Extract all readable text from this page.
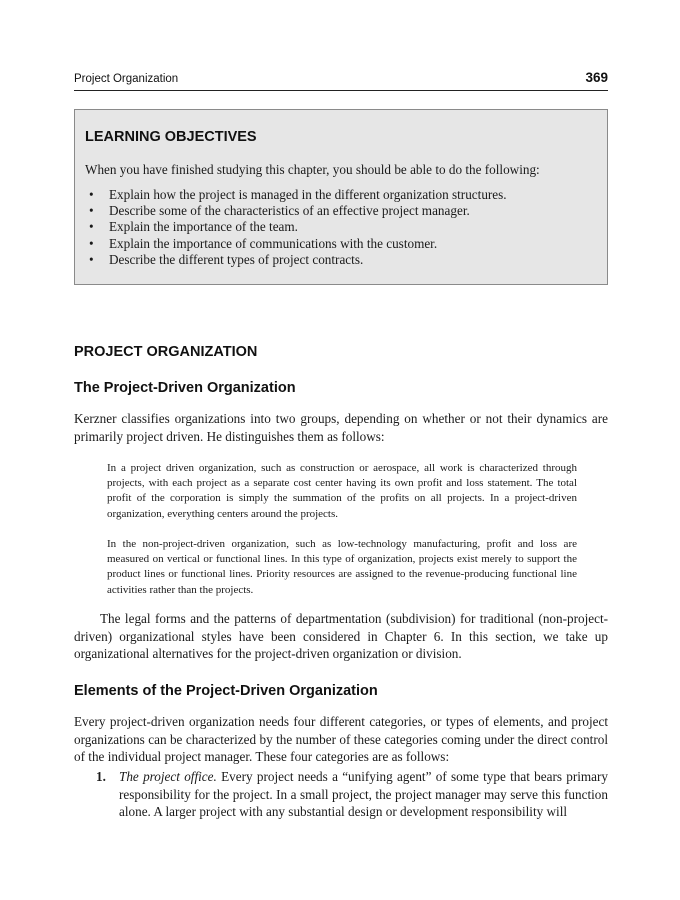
Project Organization	369
LEARNING OBJECTIVES
When you have finished studying this chapter, you should be able to do the following:
• Explain how the project is managed in the different organization structures.
• Describe some of the characteristics of an effective project manager.
• Explain the importance of the team.
• Explain the importance of communications with the customer.
• Describe the different types of project contracts.
PROJECT ORGANIZATION
The Project-Driven Organization

Kerzner classifies organizations into two groups, depending on whether or not their dynamics are primarily project driven. He distinguishes them as follows:

In a project driven organization, such as construction or aerospace, all work is characterized through projects, with each project as a separate cost center having its own profit and loss statement. The total profit of the corporation is simply the summation of the profits on all projects. In a project-driven organization, everything centers around the projects.

In the non-project-driven organization, such as low-technology manufacturing, profit and loss are measured on vertical or functional lines. In this type of organization, projects exist merely to support the product lines or functional lines. Priority resources are assigned to the revenue-producing functional line activities rather than the projects.

The legal forms and the patterns of departmentation (subdivision) for traditional (non-project-driven) organizational styles have been considered in Chapter 6. In this section, we take up organizational alternatives for the project-driven organization or division.

Elements of the Project-Driven Organization

Every project-driven organization needs four different categories, or types of elements, and project organizations can be characterized by the number of these categories coming under the direct control of the individual project manager. These four categories are as follows:

1. The project office. Every project needs a “unifying agent” of some type that bears primary responsibility for the project. In a small project, the project manager may serve this function alone. A larger project with any substantial design or development responsibility will
